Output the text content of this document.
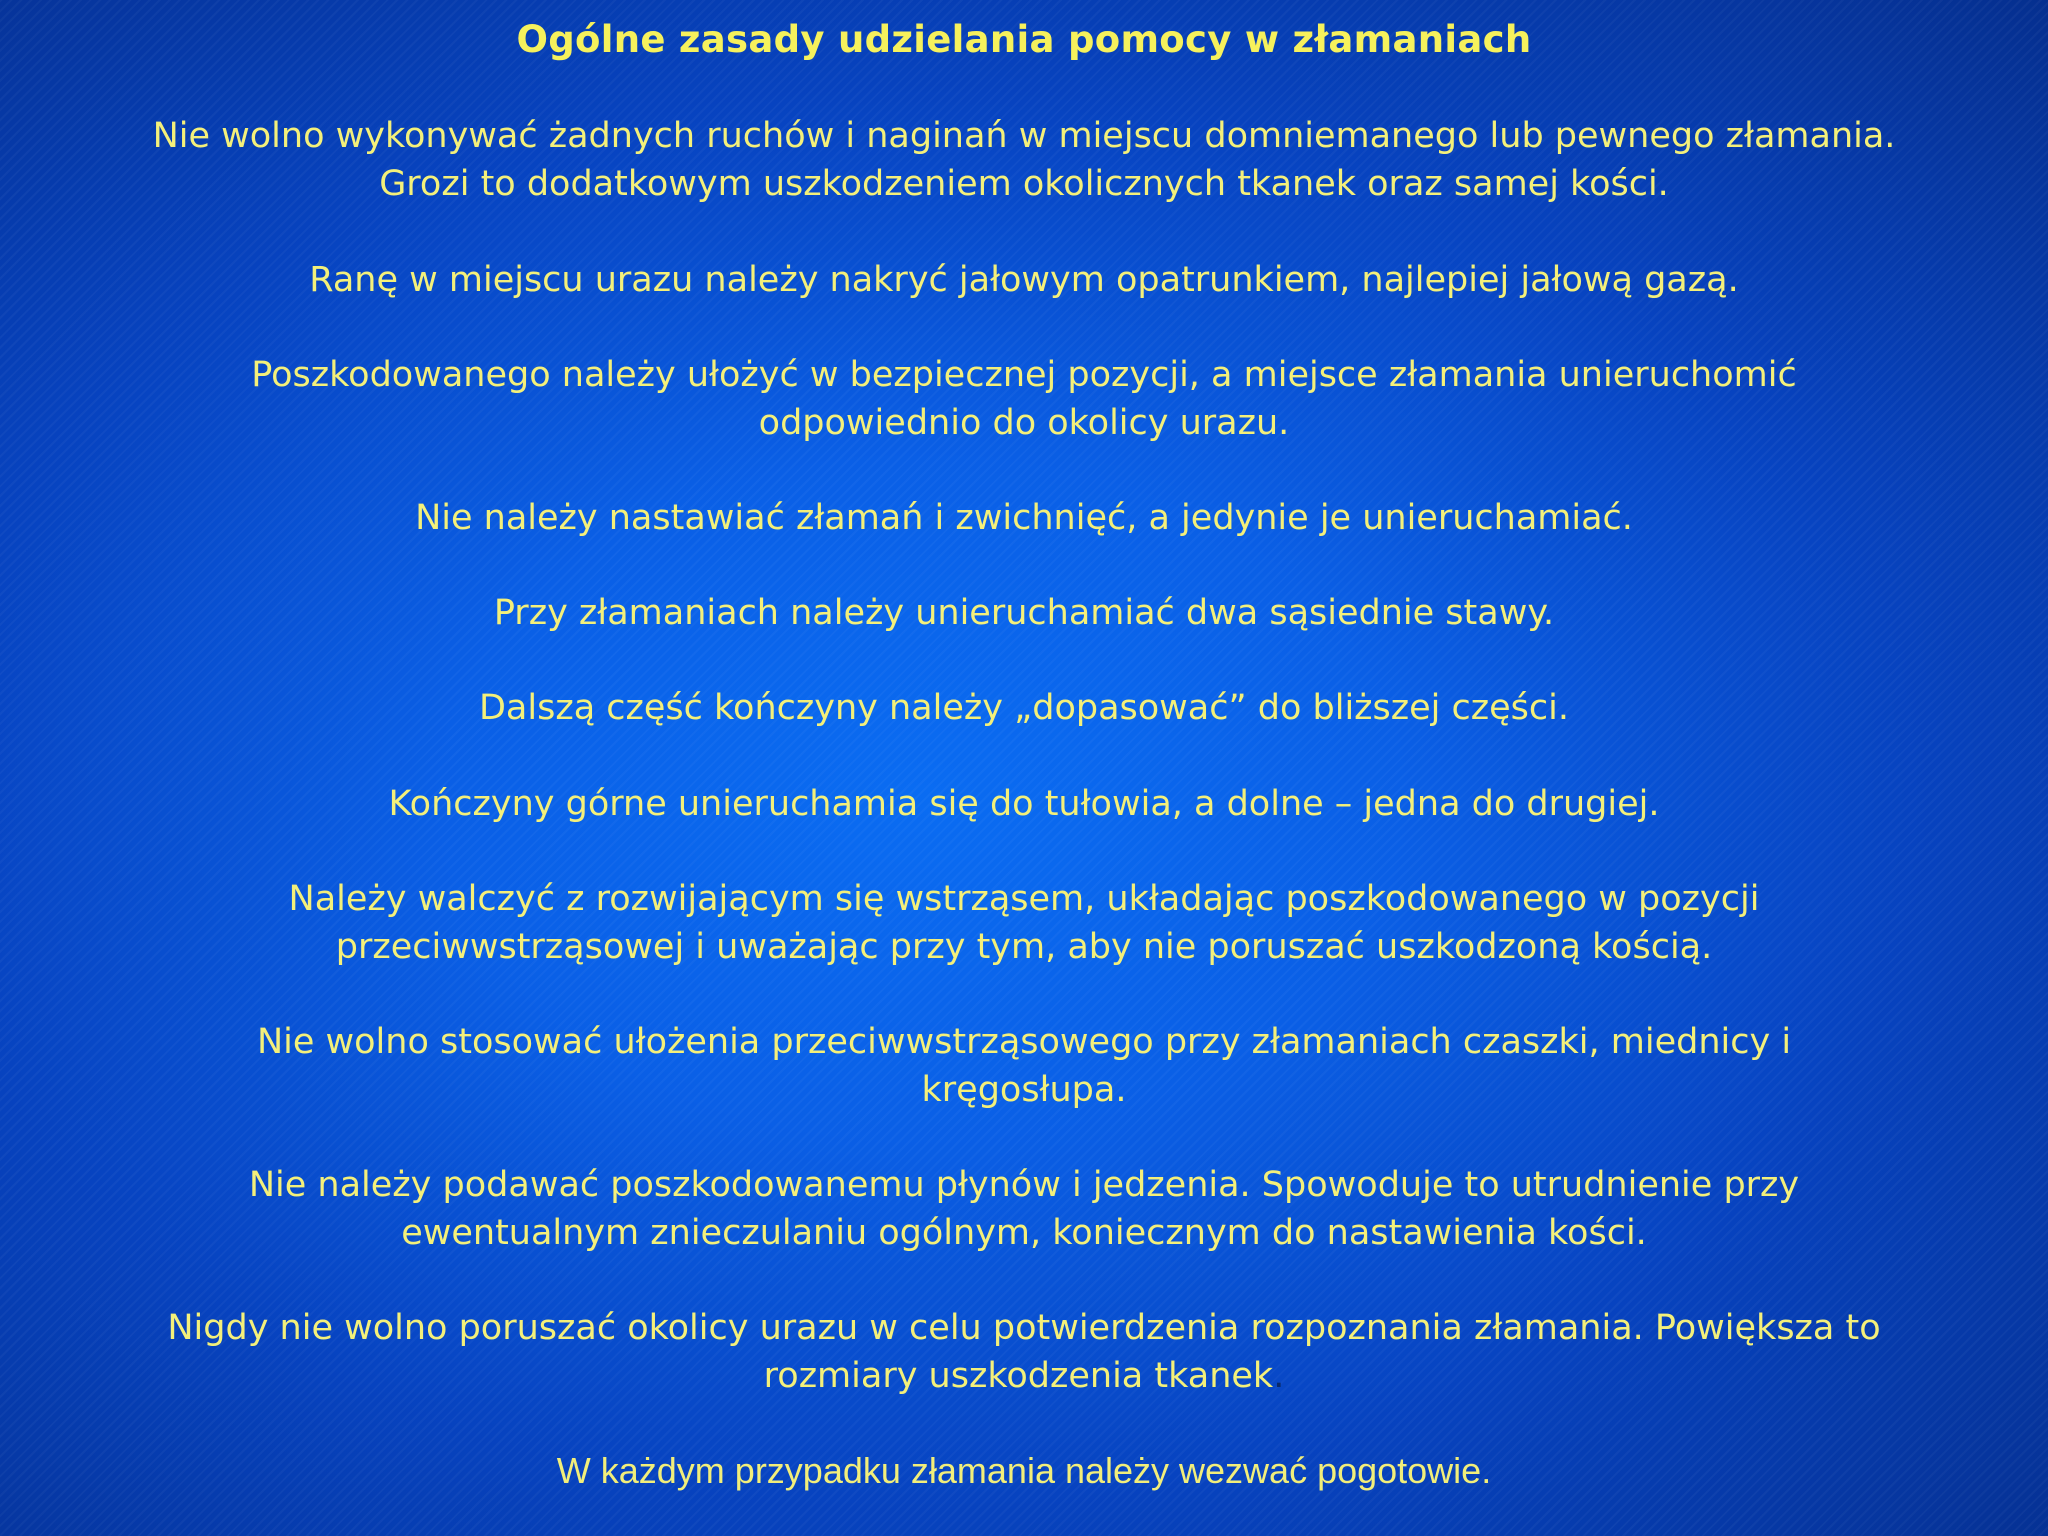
Ogólne zasady udzielania pomocy w złamaniach

Nie wolno wykonywać żadnych ruchów i naginań w miejscu domniemanego lub pewnego złamania.
Grozi to dodatkowym uszkodzeniem okolicznych tkanek oraz samej kości.

Ranę w miejscu urazu należy nakryć jałowym opatrunkiem, najlepiej jałową gazą.

Poszkodowanego należy ułożyć w bezpiecznej pozycji, a miejsce złamania unieruchomić
odpowiednio do okolicy urazu.

Nie należy nastawiać złamań i zwichnięć, a jedynie je unieruchamiać.

Przy złamaniach należy unieruchamiać dwa sąsiednie stawy.

Dalszą część kończyny należy „dopasować” do bliższej części.

Kończyny górne unieruchamia się do tułowia, a dolne – jedna do drugiej.

Należy walczyć z rozwijającym się wstrząsem, układając poszkodowanego w pozycji
przeciwwstrząsowej i uważając przy tym, aby nie poruszać uszkodzoną kością.

Nie wolno stosować ułożenia przeciwwstrząsowego przy złamaniach czaszki, miednicy i
kręgosłupa.

Nie należy podawać poszkodowanemu płynów i jedzenia. Spowoduje to utrudnienie przy
ewentualnym znieczulaniu ogólnym, koniecznym do nastawienia kości.

Nigdy nie wolno poruszać okolicy urazu w celu potwierdzenia rozpoznania złamania. Powiększa to
rozmiary uszkodzenia tkanek.

W każdym przypadku złamania należy wezwać pogotowie.
